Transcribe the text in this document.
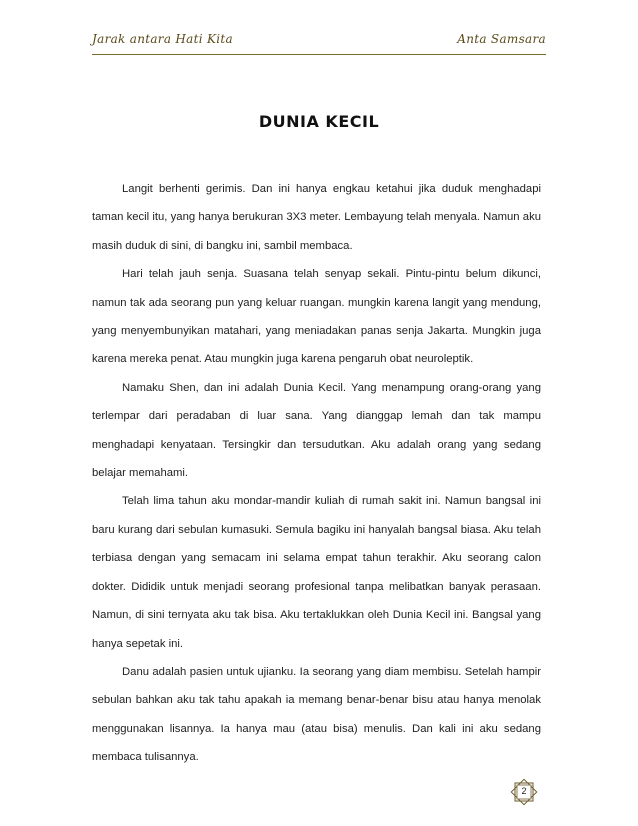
Jarak antara Hati Kita	Anta Samsara
DUNIA KECIL

Langit berhenti gerimis. Dan ini hanya engkau ketahui jika duduk menghadapi taman kecil itu, yang hanya berukuran 3X3 meter. Lembayung telah menyala. Namun aku masih duduk di sini, di bangku ini, sambil membaca.

Hari telah jauh senja. Suasana telah senyap sekali. Pintu-pintu belum dikunci, namun tak ada seorang pun yang keluar ruangan. mungkin karena langit yang mendung, yang menyembunyikan matahari, yang meniadakan panas senja Jakarta. Mungkin juga karena mereka penat. Atau mungkin juga karena pengaruh obat neuroleptik.

Namaku Shen, dan ini adalah Dunia Kecil. Yang menampung orang-orang yang terlempar dari peradaban di luar sana. Yang dianggap lemah dan tak mampu menghadapi kenyataan. Tersingkir dan tersudutkan. Aku adalah orang yang sedang belajar memahami.

Telah lima tahun aku mondar-mandir kuliah di rumah sakit ini. Namun bangsal ini baru kurang dari sebulan kumasuki. Semula bagiku ini hanyalah bangsal biasa. Aku telah terbiasa dengan yang semacam ini selama empat tahun terakhir. Aku seorang calon dokter. Dididik untuk menjadi seorang profesional tanpa melibatkan banyak perasaan. Namun, di sini ternyata aku tak bisa. Aku tertaklukkan oleh Dunia Kecil ini. Bangsal yang hanya sepetak ini.

Danu adalah pasien untuk ujianku. Ia seorang yang diam membisu. Setelah hampir sebulan bahkan aku tak tahu apakah ia memang benar-benar bisu atau hanya menolak menggunakan lisannya. Ia hanya mau (atau bisa) menulis. Dan kali ini aku sedang membaca tulisannya.

2
